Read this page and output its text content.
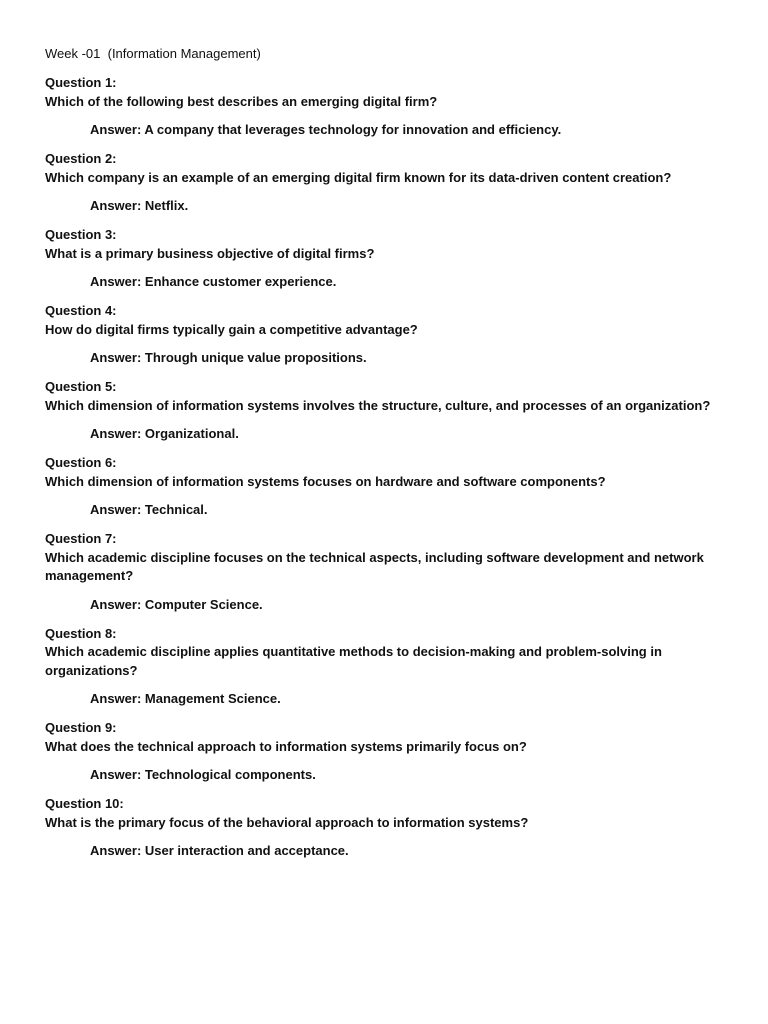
Week -01  (Information Management)
Question 1:
Which of the following best describes an emerging digital firm?
Answer: A company that leverages technology for innovation and efficiency.
Question 2:
Which company is an example of an emerging digital firm known for its data-driven content creation?
Answer: Netflix.
Question 3:
What is a primary business objective of digital firms?
Answer: Enhance customer experience.
Question 4:
How do digital firms typically gain a competitive advantage?
Answer: Through unique value propositions.
Question 5:
Which dimension of information systems involves the structure, culture, and processes of an organization?
Answer: Organizational.
Question 6:
Which dimension of information systems focuses on hardware and software components?
Answer: Technical.
Question 7:
Which academic discipline focuses on the technical aspects, including software development and network management?
Answer: Computer Science.
Question 8:
Which academic discipline applies quantitative methods to decision-making and problem-solving in organizations?
Answer: Management Science.
Question 9:
What does the technical approach to information systems primarily focus on?
Answer: Technological components.
Question 10:
What is the primary focus of the behavioral approach to information systems?
Answer: User interaction and acceptance.
